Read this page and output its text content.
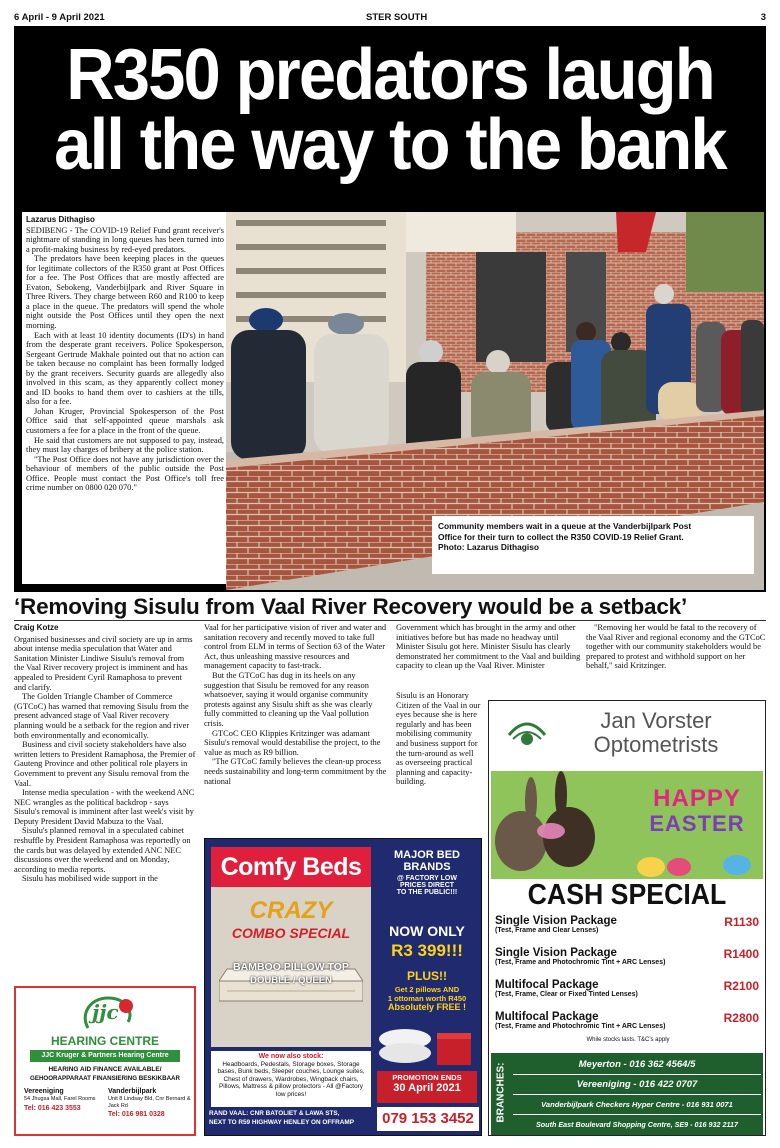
6 April - 9 April 2021	STER SOUTH	3
R350 predators laugh
all the way to the bank
Lazarus Dithagiso

SEDIBENG - The COVID-19 Relief Fund grant receiver's nightmare of standing in long queues has been turned into a profit-making business by red-eyed predators.

The predators have been keeping places in the queues for legitimate collectors of the R350 grant at Post Offices for a fee. The Post Offices that are mostly affected are Evaton, Sebokeng, Vanderbijlpark and River Square in Three Rivers. They charge between R60 and R100 to keep a place in the queue. The predators will spend the whole night outside the Post Offices until they open the next morning.

Each with at least 10 identity documents (ID's) in hand from the desperate grant receivers. Police Spokesperson, Sergeant Gertrude Makhale pointed out that no action can be taken because no complaint has been formally lodged by the grant receivers. Security guards are allegedly also involved in this scam, as they apparently collect money and ID books to hand them over to cashiers at the tills, also for a fee.

Johan Kruger, Provincial Spokesperson of the Post Office said that self-appointed queue marshals ask customers a fee for a place in the front of the queue.

He said that customers are not supposed to pay, instead, they must lay charges of bribery at the police station.

"The Post Office does not have any jurisdiction over the behaviour of members of the public outside the Post Office. People must contact the Post Office's toll free crime number on 0800 020 070."

Community members wait in a queue at the Vanderbijlpark Post
Office for their turn to collect the R350 COVID-19 Relief Grant.
Photo: Lazarus Dithagiso
‘Removing Sisulu from Vaal River Recovery would be a setback’
Craig Kotze

Organised businesses and civil society are up in arms about intense media speculation that Water and Sanitation Minister Lindiwe Sisulu's removal from the Vaal River recovery project is imminent and has appealed to President Cyril Ramaphosa to prevent and clarify.

The Golden Triangle Chamber of Commerce (GTCoC) has warned that removing Sisulu from the present advanced stage of Vaal River recovery planning would be a setback for the region and river both environmentally and economically.

Business and civil society stakeholders have also written letters to President Ramaphosa, the Premier of Gauteng Province and other political role players in Government to prevent any Sisulu removal from the Vaal.

Intense media speculation - with the weekend ANC NEC wrangles as the political backdrop - says Sisulu's removal is imminent after last week's visit by Deputy President David Mabuza to the Vaal.

Sisulu's planned removal in a speculated cabinet reshuffle by President Ramaphosa was reportedly on the cards but was delayed by extended ANC NEC discussions over the weekend and on Monday, according to media reports.

Sisulu has mobilised wide support in the

Vaal for her participative vision of river and water and sanitation recovery and recently moved to take full control from ELM in terms of Section 63 of the Water Act, thus unleashing massive resources and management capacity to fast-track.

But the GTCoC has dug in its heels on any suggestion that Sisulu be removed for any reason whatsoever, saying it would organise community protests against any Sisulu shift as she was clearly fully committed to cleaning up the Vaal pollution crisis.

GTCoC CEO Klippies Kritzinger was adamant Sisulu's removal would destabilise the project, to the value as much as R9 billion.

"The GTCoC family believes the clean-up process needs sustainability and long-term commitment by the national

Government which has brought in the army and other initiatives before but has made no headway until Minister Sisulu got here. Minister Sisulu has clearly demonstrated her commitment to the Vaal and building capacity to clean up the Vaal River. Minister

Sisulu is an Honorary Citizen of the Vaal in our eyes because she is here regularly and has been mobilising community and business support for the turn-around as well as overseeing practical planning and capacity-building.

"Removing her would be fatal to the recovery of the Vaal River and regional economy and the GTCoC together with our community stakeholders would be prepared to protest and withhold support on her behalf," said Kritzinger.

jjc
HEARING CENTRE
JJC Kruger & Partners Hearing Centre
HEARING AID FINANCE AVAILABLE/
GEHOORAPPARAAT FINANSIERING BESKIKBAAR
Vereeniging
54 Jhugsa Mall, Farel Rooms
Tel: 016 423 3553
Vanderbijlpark
Unit 8 Lindsay Bld, Cnr Bernard & Jack Rd
Tel: 016 981 0328
Comfy Beds
CRAZY
COMBO SPECIAL
BAMBOO PILLOW TOP
DOUBLE / QUEEN
MAJOR BED
BRANDS
@ FACTORY LOW
PRICES DIRECT
TO THE PUBLIC!!!
NOW ONLY
R3 399!!!
PLUS!!
Get 2 pillows AND
1 ottoman worth R450
Absolutely FREE !
We now also stock:
Headboards, Pedestals, Storage boxes, Storage bases, Bunk beds, Sleeper couches, Lounge suites, Chest of drawers, Wardrobes, Wingback chairs, Pillows, Mattress & pillow protectors - All @Factory low prices!
PROMOTION ENDS
30 April 2021
RAND VAAL: CNR BATOLIET & LAWA STS,
NEXT TO R59 HIGHWAY HENLEY ON OFFRAMP	079 153 3452
Jan Vorster
Optometrists
HAPPY
EASTER
CASH SPECIAL
Single Vision Package
(Test, Frame and Clear Lenses)
R1130
Single Vision Package
(Test, Frame and Photochromic Tint + ARC Lenses)
R1400
Multifocal Package
(Test, Frame, Clear or Fixed Tinted Lenses)
R2100
Multifocal Package
(Test, Frame and Photochromic Tint + ARC Lenses)
R2800
While stocks lasts. T&C's apply
BRANCHES:	Meyerton - 016 362 4564/5
Vereeniging - 016 422 0707
Vanderbijlpark Checkers Hyper Centre - 016 931 0071
South East Boulevard Shopping Centre, SE9 - 016 932 2117
